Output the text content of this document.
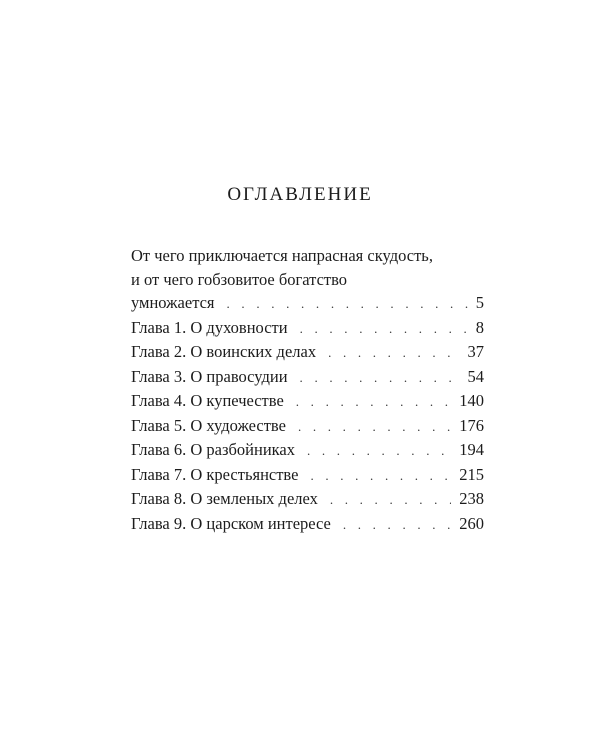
оглавление
От чего приключается напрасная скудость,
и от чего гобзовитое богатство
умножается . . .	5
Глава 1. О духовности . . .	8
Глава 2. О воинских делах . . .	37
Глава 3. О правосудии . . .	54
Глава 4. О купечестве . . .	140
Глава 5. О художестве . . .	176
Глава 6. О разбойниках . . .	194
Глава 7. О крестьянстве . . .	215
Глава 8. О земленых делех . . .	238
Глава 9. О царском интересе . . .	260
